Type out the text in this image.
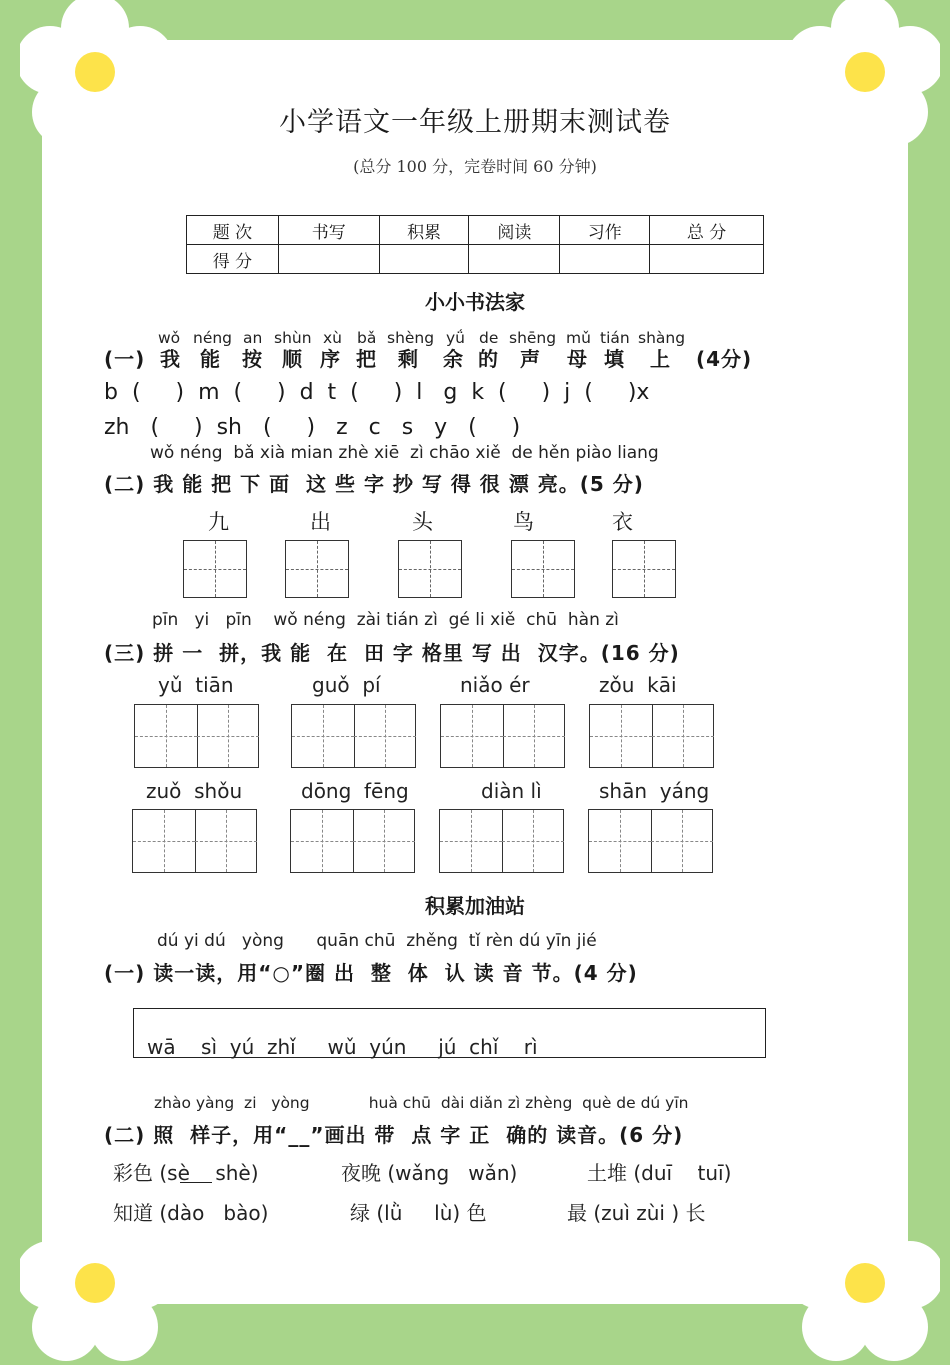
小学语文一年级上册期末测试卷
(总分 100 分，完卷时间 60 分钟)
题 次	书写	积累	阅读	习作	总 分
得 分					
小小书法家
wǒ néng an shùn xù bǎ shèng yǘ de shēng mǔ tián shàng
(一) 我 能 按 顺 序 把 剩 余 的 声 母 填 上 (4分)
b  (     )  m  (     )  d  t  (     )  l   g  k  (     )  j  (     )x
zh   (     )  sh   (     )   z   c   s   y   (     )
wǒ néng  bǎ xià mian zhè xiē  zì chāo xiě  de hěn piào liang
(二) 我 能 把 下 面  这 些 字 抄 写 得 很 漂 亮。(5 分)
九	出	头	鸟	衣
pīn   yi   pīn    wǒ néng  zài tián zì  gé li xiě  chū  hàn zì
(三) 拼 一  拼，我 能  在  田 字 格里 写 出  汉字。(16 分)
yǔ  tiān	guǒ  pí	niǎo ér	zǒu  kāi
zuǒ  shǒu	dōng  fēng	diàn lì	shān  yáng
积累加油站
dú yi dú   yòng      quān chū  zhěng  tǐ rèn dú yīn jié
(一) 读一读，用“○”圈 出  整  体  认 读 音 节。(4 分)
wā    sì  yú  zhǐ     wǔ  yún     jú  chǐ    rì
zhào yàng  zi   yòng            huà chū  dài diǎn zì zhèng  què de dú yīn
(二) 照  样子，用“__”画出 带  点 字 正  确的 读音。(6 分)
彩色 (sè    shè)	夜晚 (wǎng   wǎn)	土堆 (duī    tuī)
知道 (dào   bào)	绿 (lǜ     lù) 色	最 (zuì zùi ) 长
